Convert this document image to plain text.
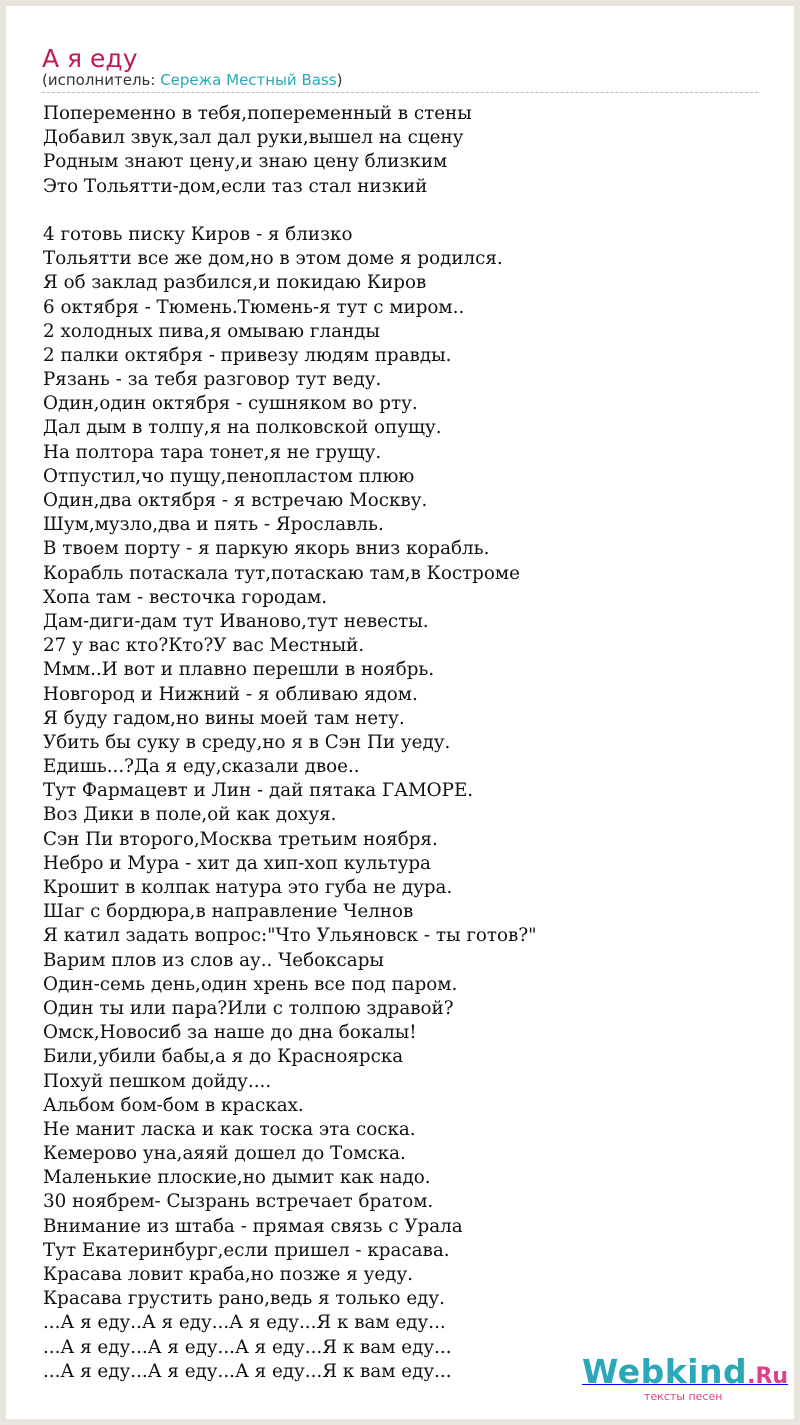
А я еду
(исполнитель: Сережа Местный Bass)
Попеременно в тебя,попеременный в стены
Добавил звук,зал дал руки,вышел на сцену
Родным знают цену,и знаю цену близким
Это Тольятти-дом,если таз стал низкий
4 готовь писку Киров - я близко
Тольятти все же дом,но в этом доме я родился.
Я об заклад разбился,и покидаю Киров
6 октября - Тюмень.Тюмень-я тут с миром..
2 холодных пива,я омываю гланды
2 палки октября - привезу людям правды.
Рязань - за тебя разговор тут веду.
Один,один октября - сушняком во рту.
Дал дым в толпу,я на полковской опущу.
На полтора тара тонет,я не грущу.
Отпустил,чо пущу,пенопластом плюю
Один,два октября - я встречаю Москву.
Шум,музло,два и пять - Ярославль.
В твоем порту - я паркую якорь вниз корабль.
Корабль потаскала тут,потаскаю там,в Костроме
Хопа там - весточка городам.
Дам-диги-дам тут Иваново,тут невесты.
27 у вас кто?Кто?У вас Местный.
Ммм..И вот и плавно перешли в ноябрь.
Новгород и Нижний - я обливаю ядом.
Я буду гадом,но вины моей там нету.
Убить бы суку в среду,но я в Сэн Пи уеду.
Едишь...?Да я еду,сказали двое..
Тут Фармацевт и Лин - дай пятака ГАМОРЕ.
Воз Дики в поле,ой как дохуя.
Сэн Пи второго,Москва третьим ноября.
Небро и Мура - хит да хип-хоп культура
Крошит в колпак натура это губа не дура.
Шаг с бордюра,в направление Челнов
Я катил задать вопрос:"Что Ульяновск - ты готов?"
Варим плов из слов ау.. Чебоксары
Один-семь день,один хрень все под паром.
Один ты или пара?Или с толпою здравой?
Омск,Новосиб за наше до дна бокалы!
Били,убили бабы,а я до Красноярска
Похуй пешком дойду....
Альбом бом-бом в красках.
Не манит ласка и как тоска эта соска.
Кемерово уна,аяяй дошел до Томска.
Маленькие плоские,но дымит как надо.
30 ноябрем- Сызрань встречает братом.
Внимание из штаба - прямая связь с Урала
Тут Екатеринбург,если пришел - красава.
Красава ловит краба,но позже я уеду.
Красава грустить рано,ведь я только еду.
...А я еду..А я еду...А я еду...Я к вам еду...
...А я еду...А я еду...А я еду...Я к вам еду...
...А я еду...А я еду...А я еду...Я к вам еду...	Webkind.Ru
тексты песен
